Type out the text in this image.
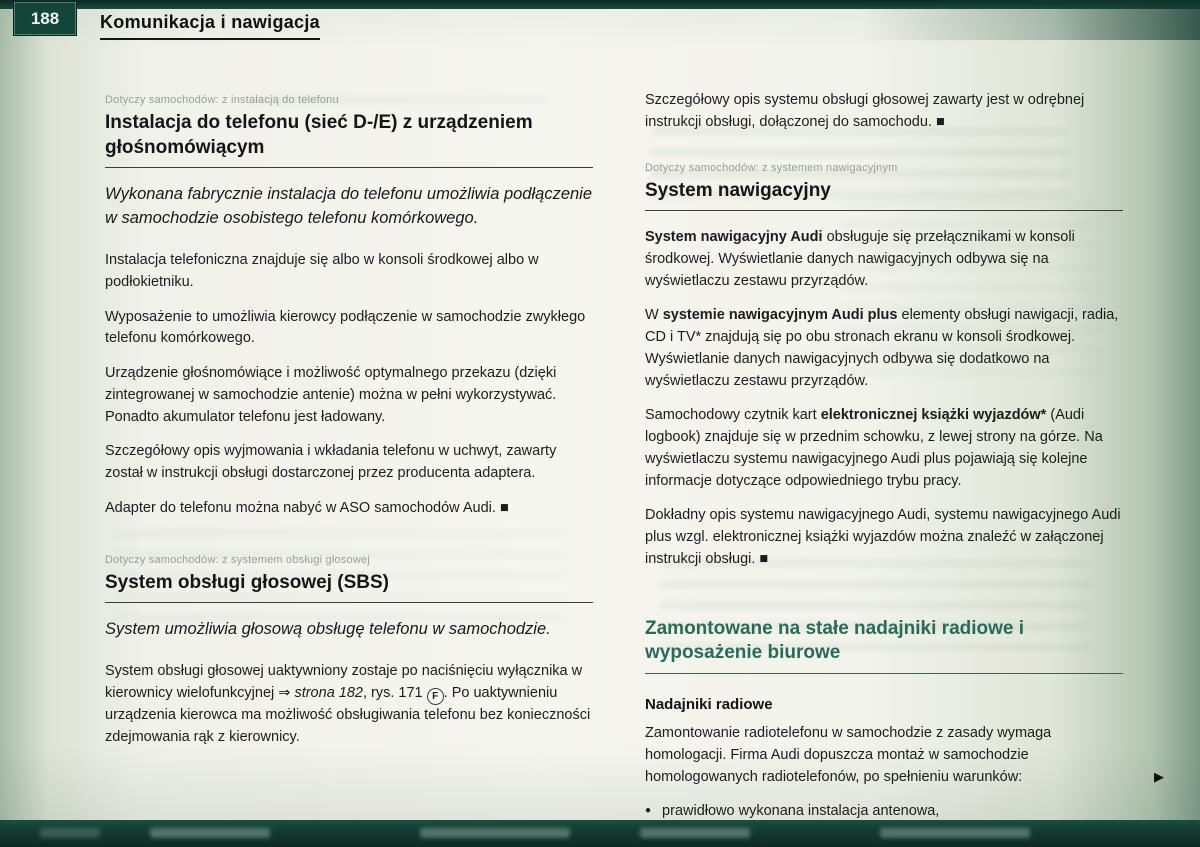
188	Komunikacja i nawigacja
Dotyczy samochodów: z instalacją do telefonu
Instalacja do telefonu (sieć D-/E) z urządzeniem głośnomówiącym

Wykonana fabrycznie instalacja do telefonu umożliwia podłączenie w samochodzie osobistego telefonu komórkowego.

Instalacja telefoniczna znajduje się albo w konsoli środkowej albo w podłokietniku.

Wyposażenie to umożliwia kierowcy podłączenie w samochodzie zwykłego telefonu komórkowego.

Urządzenie głośnomówiące i możliwość optymalnego przekazu (dzięki zintegrowanej w samochodzie antenie) można w pełni wykorzystywać. Ponadto akumulator telefonu jest ładowany.

Szczegółowy opis wyjmowania i wkładania telefonu w uchwyt, zawarty został w instrukcji obsługi dostarczonej przez producenta adaptera.

Adapter do telefonu można nabyć w ASO samochodów Audi. ■

Dotyczy samochodów: z systemem obsługi głosowej
System obsługi głosowej (SBS)

System umożliwia głosową obsługę telefonu w samochodzie.

System obsługi głosowej uaktywniony zostaje po naciśnięciu wyłącznika w kierownicy wielofunkcyjnej ⇒ strona 182, rys. 171 F . Po uaktywnieniu urządzenia kierowca ma możliwość obsługiwania telefonu bez konieczności zdejmowania rąk z kierownicy.

Szczegółowy opis systemu obsługi głosowej zawarty jest w odrębnej instrukcji obsługi, dołączonej do samochodu. ■

Dotyczy samochodów: z systemem nawigacyjnym
System nawigacyjny

System nawigacyjny Audi obsługuje się przełącznikami w konsoli środkowej. Wyświetlanie danych nawigacyjnych odbywa się na wyświetlaczu zestawu przyrządów.

W systemie nawigacyjnym Audi plus elementy obsługi nawigacji, radia, CD i TV* znajdują się po obu stronach ekranu w konsoli środkowej. Wyświetlanie danych nawigacyjnych odbywa się dodatkowo na wyświetlaczu zestawu przyrządów.

Samochodowy czytnik kart elektronicznej książki wyjazdów* (Audi logbook) znajduje się w przednim schowku, z lewej strony na górze. Na wyświetlaczu systemu nawigacyjnego Audi plus pojawiają się kolejne informacje dotyczące odpowiedniego trybu pracy.

Dokładny opis systemu nawigacyjnego Audi, systemu nawigacyjnego Audi plus wzgl. elektronicznej książki wyjazdów można znaleźć w załączonej instrukcji obsługi. ■

Zamontowane na stałe nadajniki radiowe i wyposażenie biurowe
Nadajniki radiowe

Zamontowanie radiotelefonu w samochodzie z zasady wymaga homologacji. Firma Audi dopuszcza montaż w samochodzie homologowanych radiotelefonów, po spełnieniu warunków:

● prawidłowo wykonana instalacja antenowa,
▶
